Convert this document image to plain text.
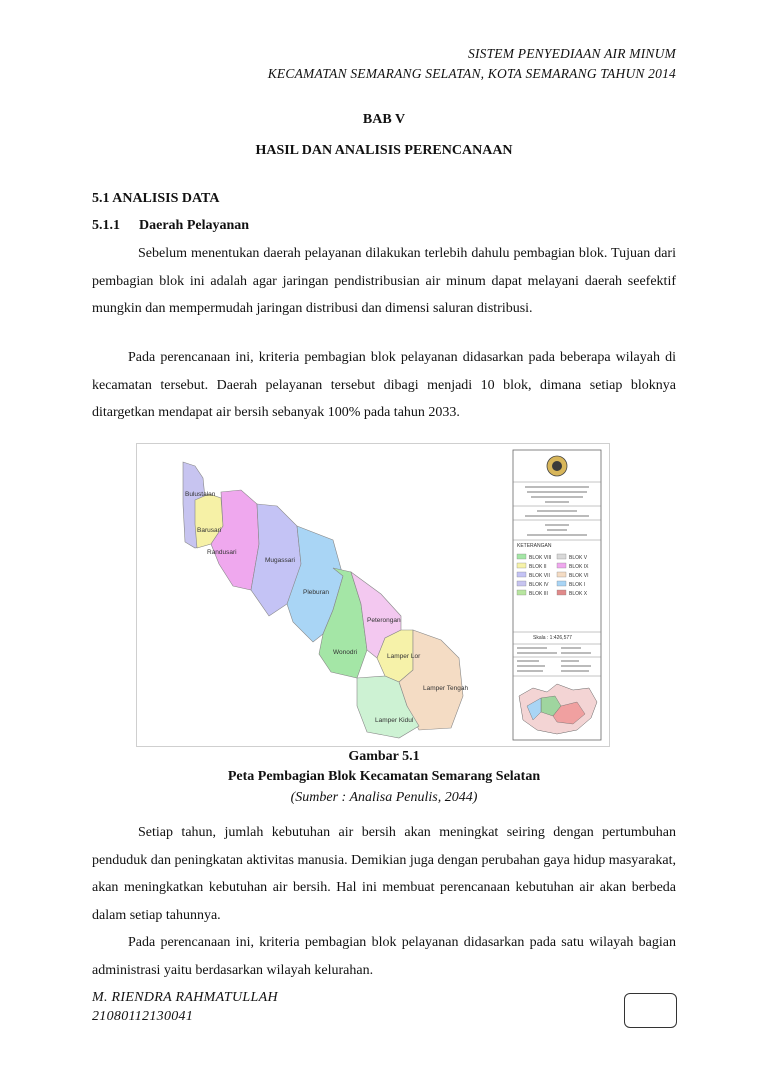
SISTEM PENYEDIAAN AIR MINUM
KECAMATAN SEMARANG SELATAN, KOTA SEMARANG TAHUN 2014
BAB V
HASIL DAN ANALISIS PERENCANAAN
5.1 ANALISIS DATA
5.1.1 Daerah Pelayanan

Sebelum menentukan daerah pelayanan dilakukan terlebih dahulu pembagian blok. Tujuan dari pembagian blok ini adalah agar jaringan pendistribusian air minum dapat melayani daerah seefektif mungkin dan mempermudah jaringan distribusi dan dimensi saluran distribusi.

Pada perencanaan ini, kriteria pembagian blok pelayanan didasarkan pada beberapa wilayah di kecamatan tersebut. Daerah pelayanan tersebut dibagi menjadi 10 blok, dimana setiap bloknya ditargetkan mendapat air bersih sebanyak 100% pada tahun 2033.

Bulustalan
Barusari
Randusari
Mugassari
Pleburan
Wonodri
Peterongan
Lamper Lor
Lamper Tengah
Lamper Kidul
KETERANGAN
BLOK VIII	BLOK V
BLOK II	BLOK IX
BLOK VII	BLOK VI
BLOK IV	BLOK I
BLOK III	BLOK X
Skala : 1:426,577
Gambar 5.1
Peta Pembagian Blok Kecamatan Semarang Selatan
(Sumber : Analisa Penulis, 2044)

Setiap tahun, jumlah kebutuhan air bersih akan meningkat seiring dengan pertumbuhan penduduk dan peningkatan aktivitas manusia. Demikian juga dengan perubahan gaya hidup masyarakat, akan meningkatkan kebutuhan air bersih. Hal ini membuat perencanaan kebutuhan air akan berbeda dalam setiap tahunnya.

Pada perencanaan ini, kriteria pembagian blok pelayanan didasarkan pada satu wilayah bagian administrasi yaitu berdasarkan wilayah kelurahan.

M. RIENDRA RAHMATULLAH
21080112130041
